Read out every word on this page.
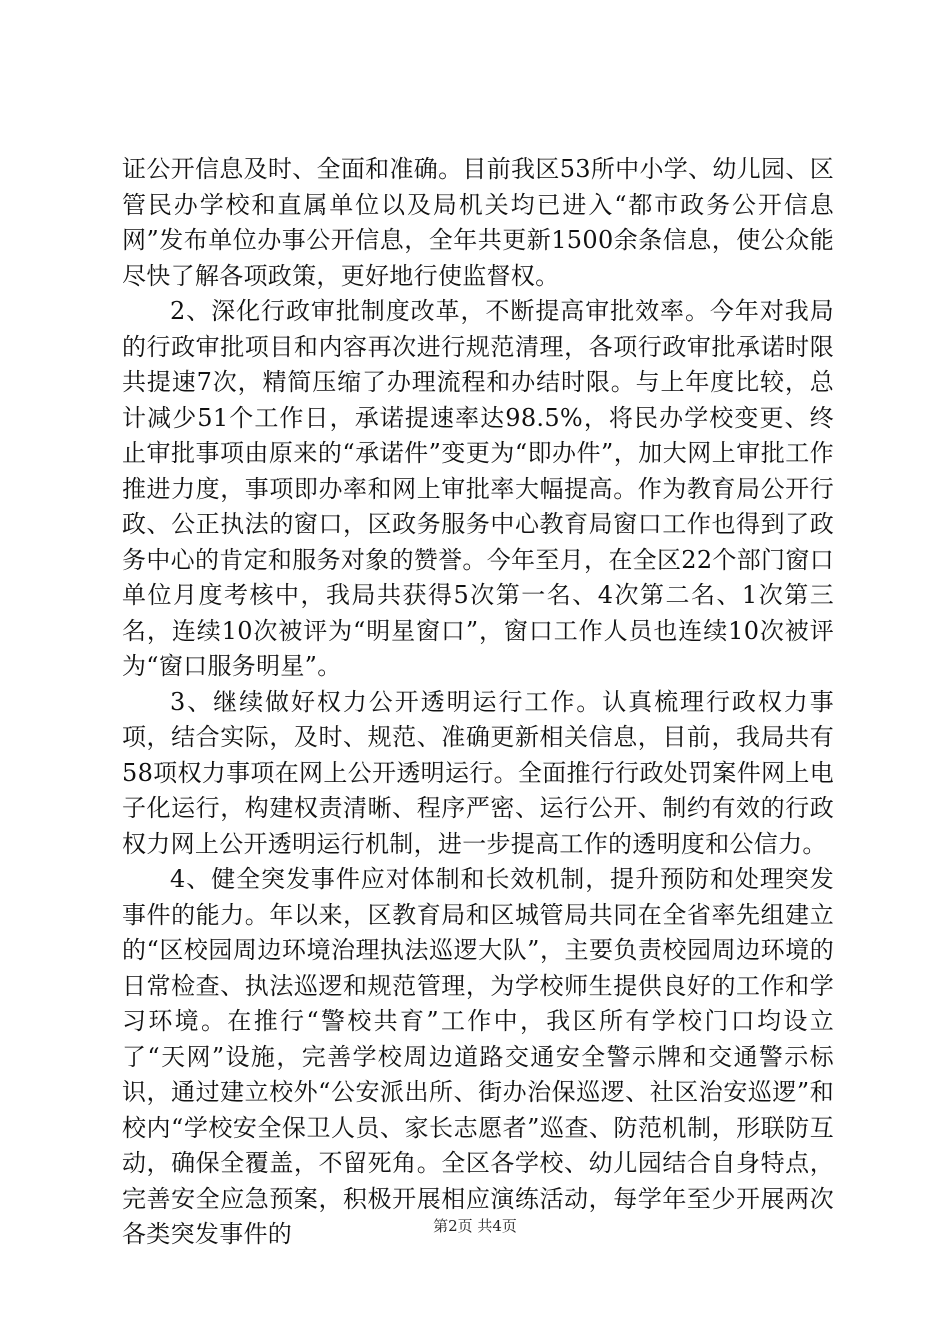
证公开信息及时、全面和准确。目前我区53所中小学、幼儿园、区管民办学校和直属单位以及局机关均已进入“都市政务公开信息网”发布单位办事公开信息，全年共更新1500余条信息，使公众能尽快了解各项政策，更好地行使监督权。

2、深化行政审批制度改革，不断提高审批效率。今年对我局的行政审批项目和内容再次进行规范清理，各项行政审批承诺时限共提速7次，精简压缩了办理流程和办结时限。与上年度比较，总计减少51个工作日，承诺提速率达98.5%，将民办学校变更、终止审批事项由原来的“承诺件”变更为“即办件”，加大网上审批工作推进力度，事项即办率和网上审批率大幅提高。作为教育局公开行政、公正执法的窗口，区政务服务中心教育局窗口工作也得到了政务中心的肯定和服务对象的赞誉。今年至月，在全区22个部门窗口单位月度考核中，我局共获得5次第一名、4次第二名、1次第三名，连续10次被评为“明星窗口”，窗口工作人员也连续10次被评为“窗口服务明星”。

3、继续做好权力公开透明运行工作。认真梳理行政权力事项，结合实际，及时、规范、准确更新相关信息，目前，我局共有58项权力事项在网上公开透明运行。全面推行行政处罚案件网上电子化运行，构建权责清晰、程序严密、运行公开、制约有效的行政权力网上公开透明运行机制，进一步提高工作的透明度和公信力。

4、健全突发事件应对体制和长效机制，提升预防和处理突发事件的能力。年以来，区教育局和区城管局共同在全省率先组建立的“区校园周边环境治理执法巡逻大队”，主要负责校园周边环境的日常检查、执法巡逻和规范管理，为学校师生提供良好的工作和学习环境。在推行“警校共育”工作中，我区所有学校门口均设立了“天网”设施，完善学校周边道路交通安全警示牌和交通警示标识，通过建立校外“公安派出所、街办治保巡逻、社区治安巡逻”和校内“学校安全保卫人员、家长志愿者”巡查、防范机制，形联防互动，确保全覆盖，不留死角。全区各学校、幼儿园结合自身特点，完善安全应急预案，积极开展相应演练活动，每学年至少开展两次各类突发事件的	第2页 共4页
